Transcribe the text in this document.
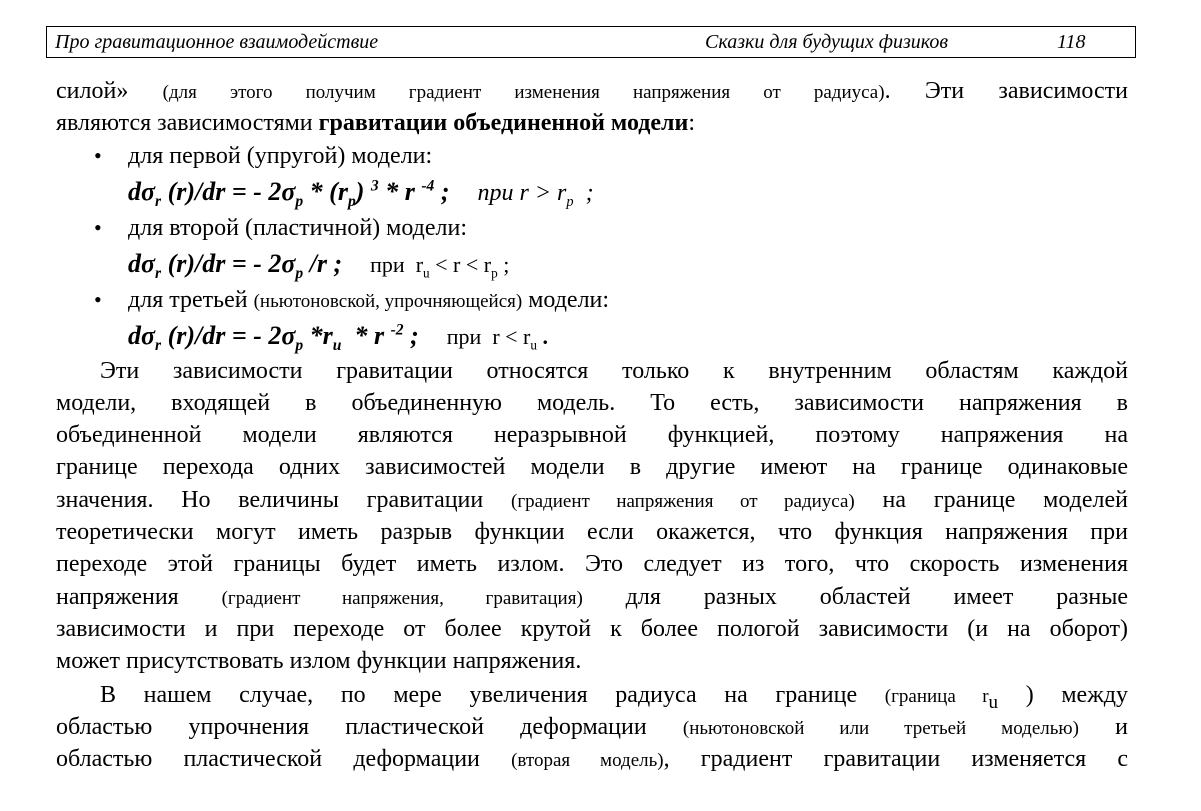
Про гравитационное взаимодействие	Сказки для будущих физиков	118
силой» (для этого получим градиент изменения напряжения от радиуса). Эти зависимости
являются зависимостями гравитации объединенной модели:
• для первой (упругой) модели:
$d\sigma_r$ (r)/dr = - $2\sigma_p * (r_p)$ $^3$ * r $^{-4}$ ; при $r > r_p$  ;
• для второй (пластичной) модели:
$d\sigma_r$ (r)/dr = - $2\sigma_p$ /r ; при  $r_u < r < r_p$ ;
• для третьей (ньютоновской, упрочняющейся) модели:
$d\sigma_r$ (r)/dr = - $2\sigma_p$ $*r_u$  * r $^{-2}$ ; при  $r < r_u$ .
Эти зависимости гравитации относятся только к внутренним областям каждой
модели, входящей в объединенную модель. То есть, зависимости напряжения в
объединенной модели являются неразрывной функцией, поэтому напряжения на
границе перехода одних зависимостей модели в другие имеют на границе одинаковые
значения. Но величины гравитации (градиент напряжения от радиуса) на границе моделей
теоретически могут иметь разрыв функции если окажется, что функция напряжения при
переходе этой границы будет иметь излом. Это следует из того, что скорость изменения
напряжения (градиент напряжения, гравитация) для разных областей имеет разные
зависимости и при переходе от более крутой к более пологой зависимости (и на оборот)
может присутствовать излом функции напряжения.
В нашем случае, по мере увеличения радиуса на границе (граница $r_u$ ) между
областью упрочнения пластической деформации (ньютоновской или третьей моделью) и
областью пластической деформации (вторая модель), градиент гравитации изменяется с
